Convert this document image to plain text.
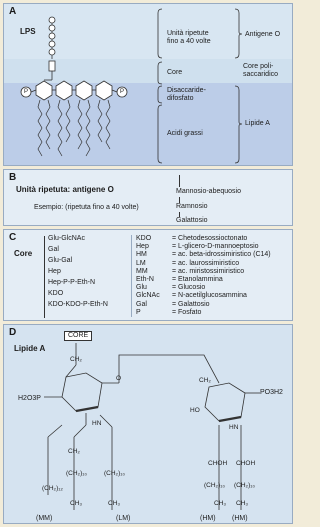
A
LPS
P	P
Unità ripetute
fino a 40 volte
Antigene O
Core
Core poli-
saccaridico
Disaccaride-
difosfato
Acidi grassi
Lipide A
B
Unità ripetuta: antigene O
Esempio: (ripetuta fino a 40 volte)
Mannosio-abequosio
Ramnosio
Galattosio
C
Core
Glu-GlcNAc
Gal
Glu-Gal
Hep
Hep-P-P-Eth-N
KDO
KDO-KDO-P-Eth-N
KDO	= Chetodesossioctonato
Hep	= L-glicero-D-mannoeptosio
HM	= ac. beta-idrossimiristico (C14)
LM	= ac. laurossimiristico
MM	= ac. miristossimiristico
Eth-N	= Etanolammina
Glu	= Glucosio
GlcNAc = N-acetilglucosammina
Gal	= Galattosio
P	= Fosfato
D
Lipide A
CORE
CH₂
O
HN
CH₂
(CH₂)₁₀	(CH₂)₁₀
(CH₂)₁₂
CH₃	CH₃
CH₂
HO
HN
CHOH CHOH
(CH₂)₁₀ (CH₂)₁₀
CH₃ CH₃
H2O3P
PO3H2
(MM)	(LM)	(HM) (HM)
